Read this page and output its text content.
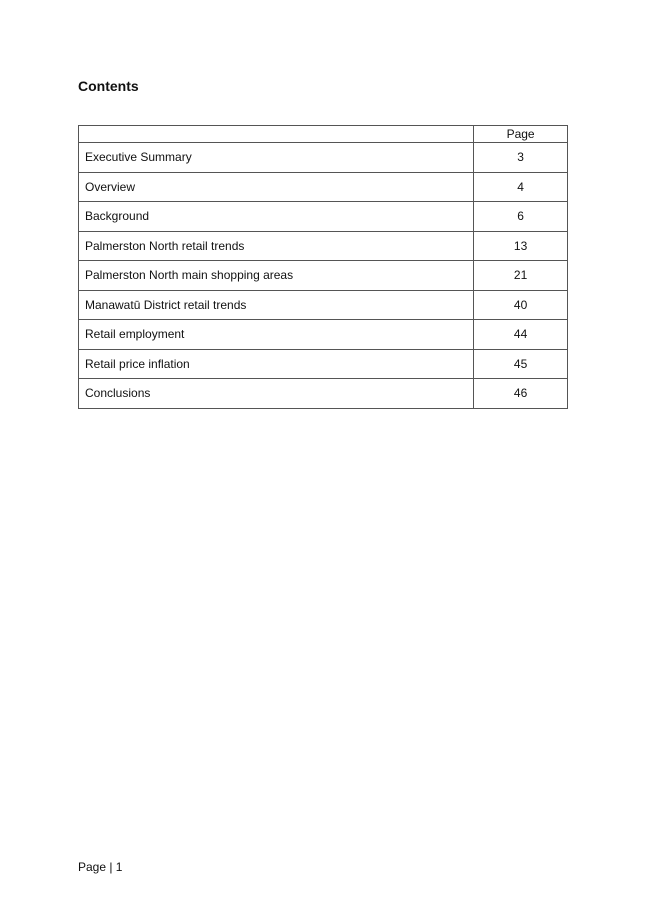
Contents
	Page
Executive Summary	3
Overview	4
Background	6
Palmerston North retail trends	13
Palmerston North main shopping areas	21
Manawatū District retail trends	40
Retail employment	44
Retail price inflation	45
Conclusions	46
Page | 1
